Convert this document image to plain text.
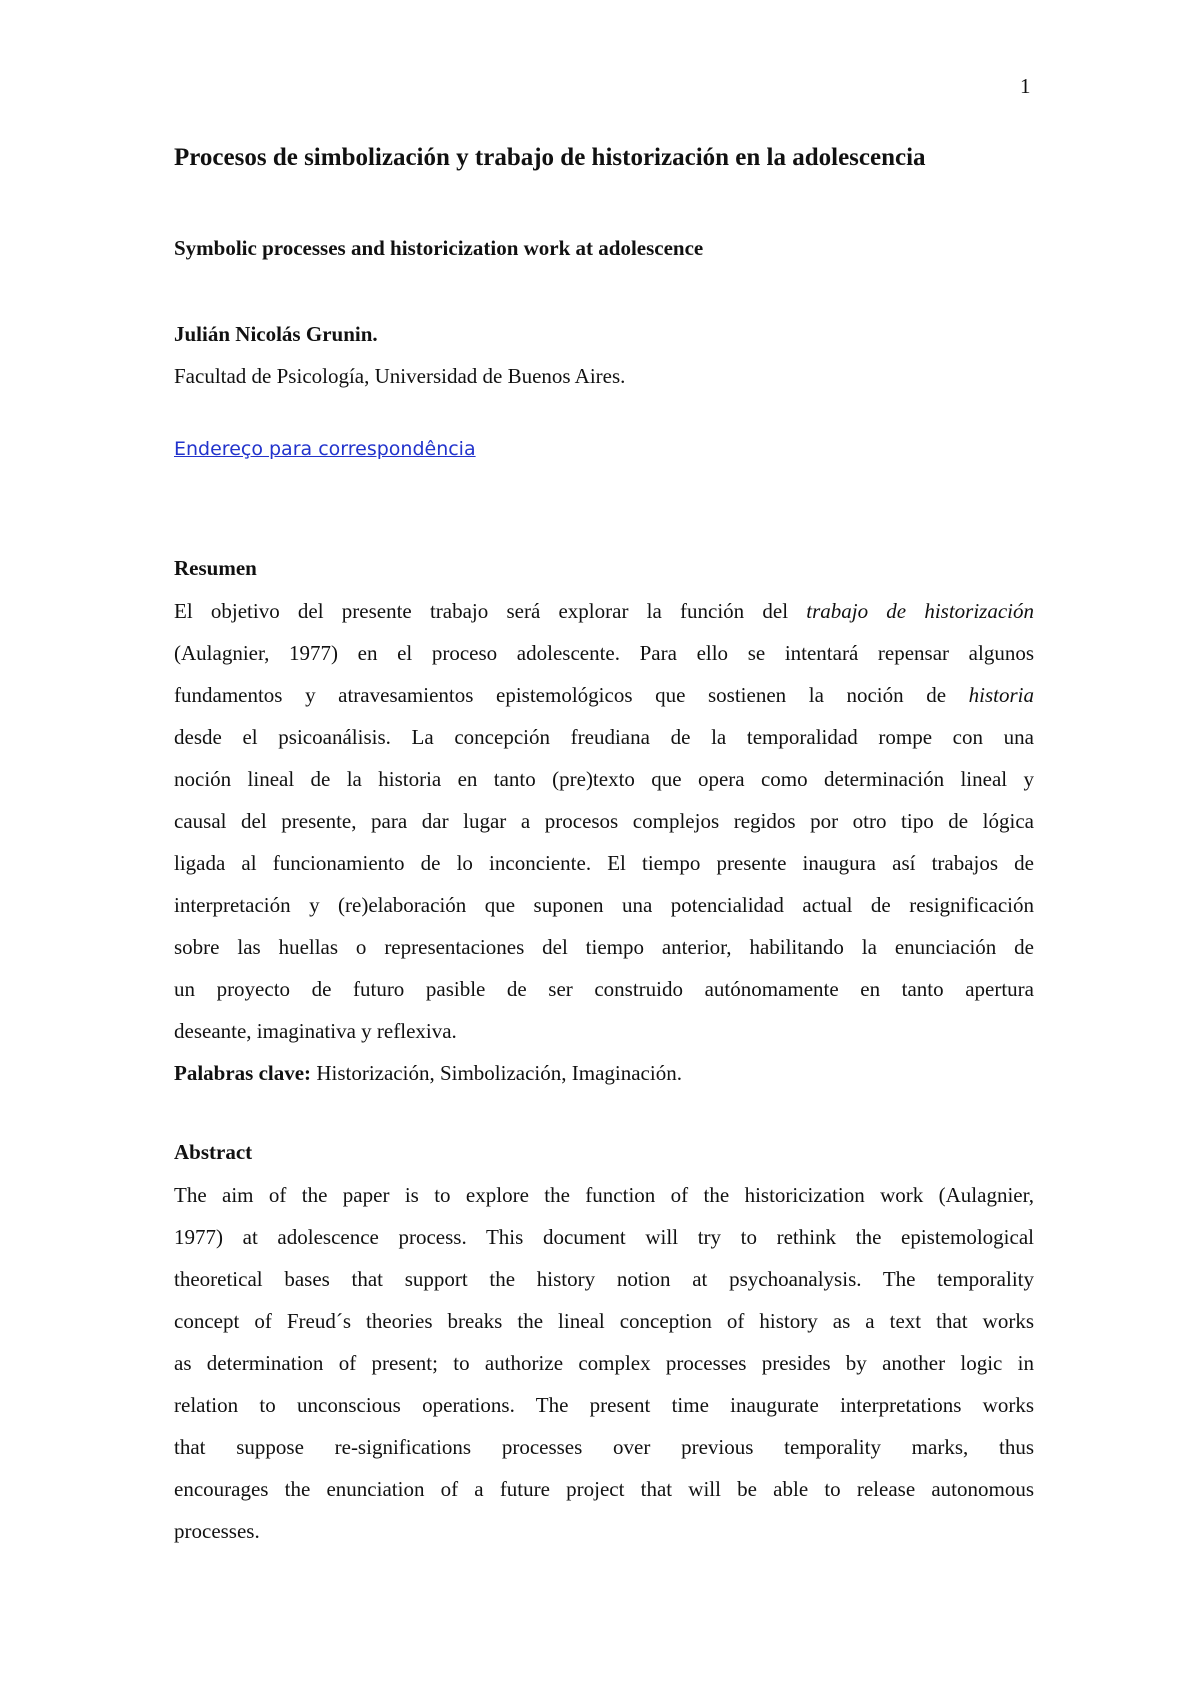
1
Procesos de simbolización y trabajo de historización en la adolescencia
Symbolic processes and historicization work at adolescence
Julián Nicolás Grunin.
Facultad de Psicología, Universidad de Buenos Aires.
Endereço para correspondência
Resumen
El objetivo del presente trabajo será explorar la función del trabajo de historización
(Aulagnier, 1977) en el proceso adolescente. Para ello se intentará repensar algunos
fundamentos y atravesamientos epistemológicos que sostienen la noción de historia
desde el psicoanálisis. La concepción freudiana de la temporalidad rompe con una
noción lineal de la historia en tanto (pre)texto que opera como determinación lineal y
causal del presente, para dar lugar a procesos complejos regidos por otro tipo de lógica
ligada al funcionamiento de lo inconciente. El tiempo presente inaugura así trabajos de
interpretación y (re)elaboración que suponen una potencialidad actual de resignificación
sobre las huellas o representaciones del tiempo anterior, habilitando la enunciación de
un proyecto de futuro pasible de ser construido autónomamente en tanto apertura
deseante, imaginativa y reflexiva.
Palabras clave: Historización, Simbolización, Imaginación.
Abstract
The aim of the paper is to explore the function of the historicization work (Aulagnier,
1977) at adolescence process. This document will try to rethink the epistemological
theoretical bases that support the history notion at psychoanalysis. The temporality
concept of Freud´s theories breaks the lineal conception of history as a text that works
as determination of present; to authorize complex processes presides by another logic in
relation to unconscious operations. The present time inaugurate interpretations works
that suppose re-significations processes over previous temporality marks, thus
encourages the enunciation of a future project that will be able to release autonomous
processes.
